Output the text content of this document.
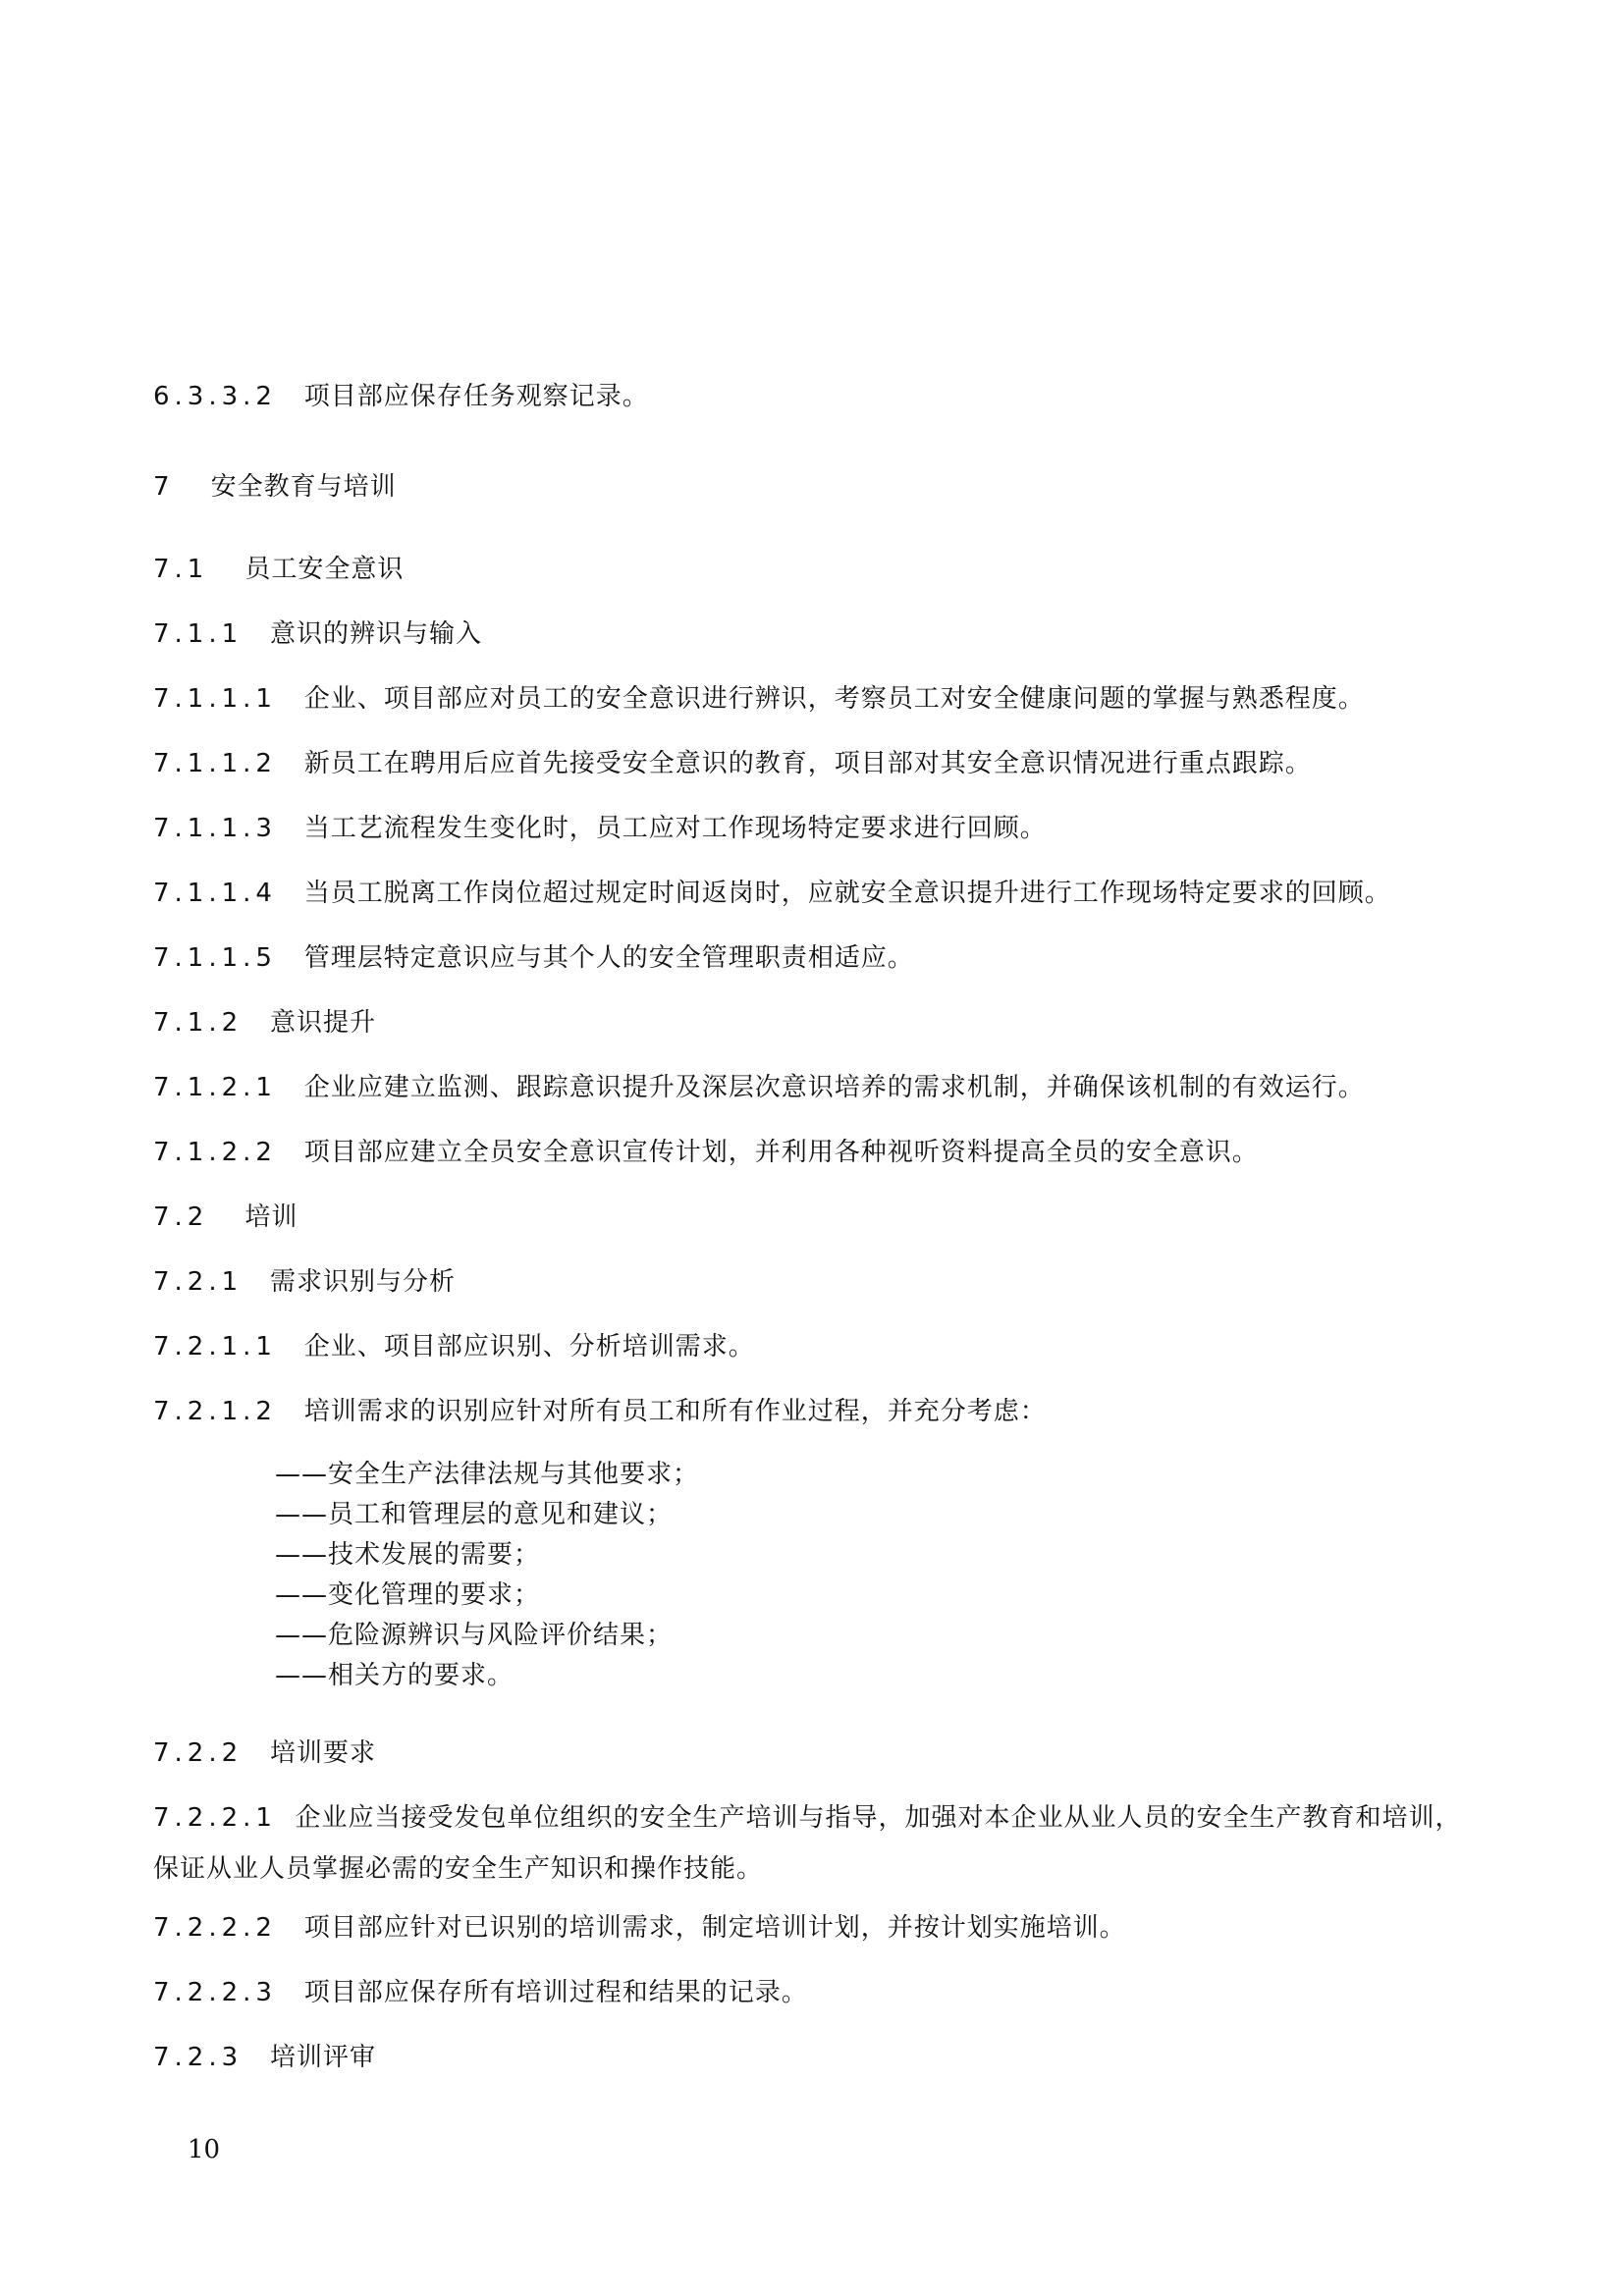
6.3.3.2 项目部应保存任务观察记录。
7 安全教育与培训
7.1 员工安全意识
7.1.1 意识的辨识与输入
7.1.1.1 企业、项目部应对员工的安全意识进行辨识，考察员工对安全健康问题的掌握与熟悉程度。
7.1.1.2 新员工在聘用后应首先接受安全意识的教育，项目部对其安全意识情况进行重点跟踪。
7.1.1.3 当工艺流程发生变化时，员工应对工作现场特定要求进行回顾。
7.1.1.4 当员工脱离工作岗位超过规定时间返岗时，应就安全意识提升进行工作现场特定要求的回顾。
7.1.1.5 管理层特定意识应与其个人的安全管理职责相适应。
7.1.2 意识提升
7.1.2.1 企业应建立监测、跟踪意识提升及深层次意识培养的需求机制，并确保该机制的有效运行。
7.1.2.2 项目部应建立全员安全意识宣传计划，并利用各种视听资料提高全员的安全意识。
7.2 培训
7.2.1 需求识别与分析
7.2.1.1 企业、项目部应识别、分析培训需求。
7.2.1.2 培训需求的识别应针对所有员工和所有作业过程，并充分考虑：
——安全生产法律法规与其他要求；
——员工和管理层的意见和建议；
——技术发展的需要；
——变化管理的要求；
——危险源辨识与风险评价结果；
——相关方的要求。
7.2.2 培训要求
7.2.2.1 企业应当接受发包单位组织的安全生产培训与指导，加强对本企业从业人员的安全生产教育和培训，保证从业人员掌握必需的安全生产知识和操作技能。
7.2.2.2 项目部应针对已识别的培训需求，制定培训计划，并按计划实施培训。
7.2.2.3 项目部应保存所有培训过程和结果的记录。
7.2.3 培训评审
10
